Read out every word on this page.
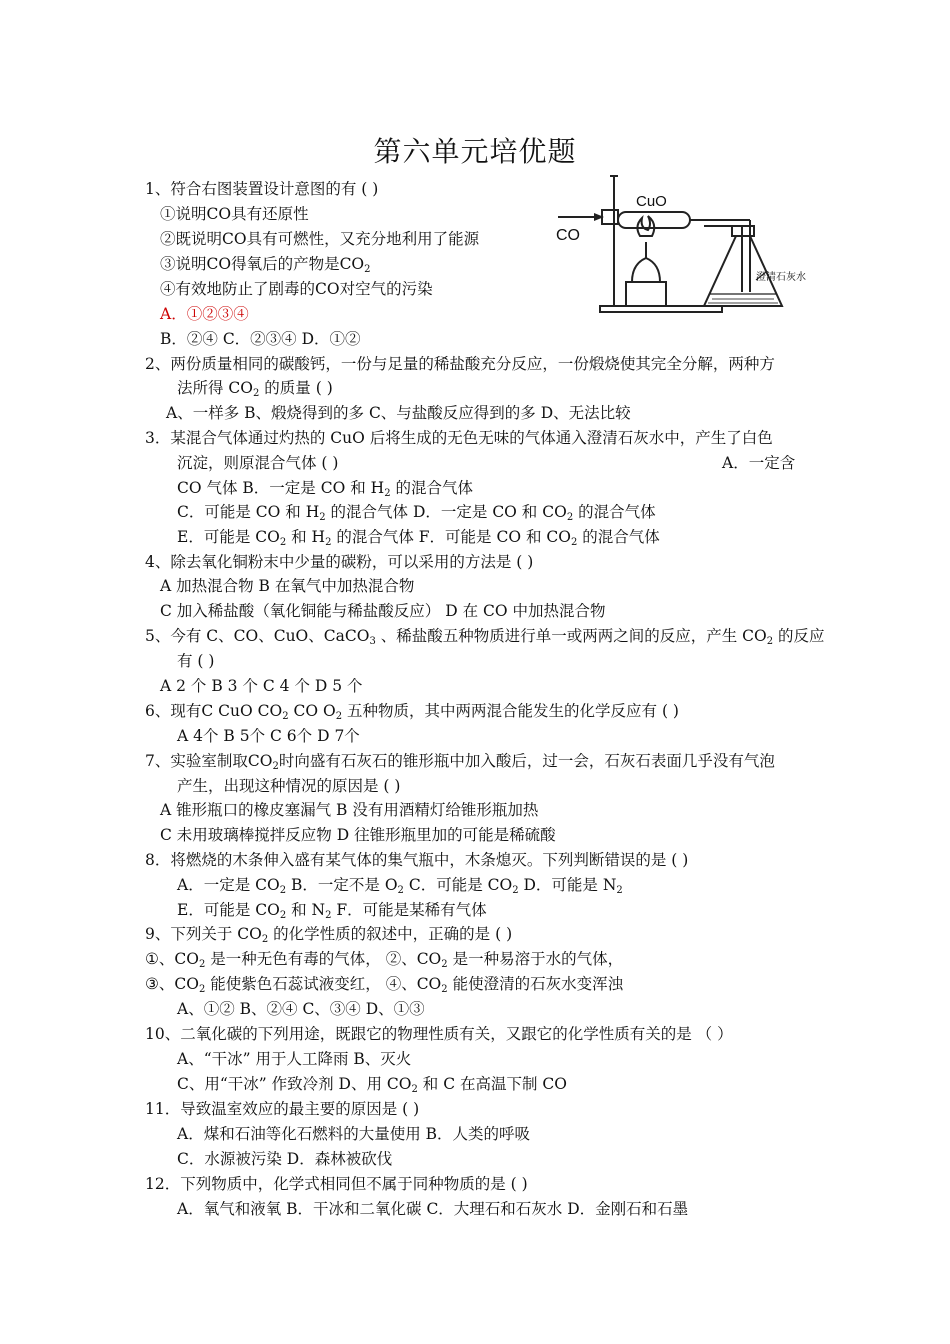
第六单元培优题
CO
CuO
澄清石灰水
1、符合右图装置设计意图的有 ( )
①说明CO具有还原性
②既说明CO具有可燃性，又充分地利用了能源
③说明CO得氧后的产物是$CO_2$
④有效地防止了剧毒的CO对空气的污染
A．①②③④
B．②④ C．②③④ D．①②
2、两份质量相同的碳酸钙，一份与足量的稀盐酸充分反应，一份煅烧使其完全分解，两种方
法所得 $CO_2$ 的质量 ( )
A、一样多 B、煅烧得到的多 C、与盐酸反应得到的多 D、无法比较
3．某混合气体通过灼热的 CuO 后将生成的无色无味的气体通入澄清石灰水中，产生了白色
沉淀，则原混合气体 ( )	A．一定含
CO 气体 B．一定是 CO 和 $H_2$ 的混合气体
C．可能是 CO 和 $H_2$ 的混合气体 D．一定是 CO 和 $CO_2$ 的混合气体
E．可能是 $CO_2$ 和 $H_2$ 的混合气体 F．可能是 CO 和 $CO_2$ 的混合气体
4、除去氧化铜粉末中少量的碳粉，可以采用的方法是 ( )
A 加热混合物 B 在氧气中加热混合物
C 加入稀盐酸（氧化铜能与稀盐酸反应） D 在 CO 中加热混合物
5、今有 C、CO、CuO、CaCO$_3$ 、稀盐酸五种物质进行单一或两两之间的反应，产生 $CO_2$ 的反应
有 ( )
A 2 个 B 3 个 C 4 个 D 5 个
6、现有C CuO $CO_2$ CO $O_2$ 五种物质，其中两两混合能发生的化学反应有 ( )
A 4个 B 5个 C 6个 D 7个
7、实验室制取$CO_2$时向盛有石灰石的锥形瓶中加入酸后，过一会，石灰石表面几乎没有气泡
产生，出现这种情况的原因是 ( )
A 锥形瓶口的橡皮塞漏气 B 没有用酒精灯给锥形瓶加热
C 未用玻璃棒搅拌反应物 D 往锥形瓶里加的可能是稀硫酸
8．将燃烧的木条伸入盛有某气体的集气瓶中，木条熄灭。下列判断错误的是 ( )
A．一定是 $CO_2$ B．一定不是 $O_2$ C．可能是 $CO_2$ D．可能是 $N_2$
E．可能是 $CO_2$ 和 $N_2$ F．可能是某稀有气体
9、下列关于 $CO_2$ 的化学性质的叙述中，正确的是 ( )
①、$CO_2$ 是一种无色有毒的气体， ②、$CO_2$ 是一种易溶于水的气体，
③、$CO_2$ 能使紫色石蕊试液变红， ④、$CO_2$ 能使澄清的石灰水变浑浊
A、①② B、②④ C、③④ D、①③
10、二氧化碳的下列用途，既跟它的物理性质有关，又跟它的化学性质有关的是 （ ）
A、“干冰” 用于人工降雨 B、灭火
C、用“干冰” 作致冷剂 D、用 $CO_2$ 和 C 在高温下制 CO
11．导致温室效应的最主要的原因是 ( )
A．煤和石油等化石燃料的大量使用 B．人类的呼吸
C．水源被污染 D．森林被砍伐
12．下列物质中，化学式相同但不属于同种物质的是 ( )
A．氧气和液氧 B．干冰和二氧化碳 C．大理石和石灰水 D．金刚石和石墨
